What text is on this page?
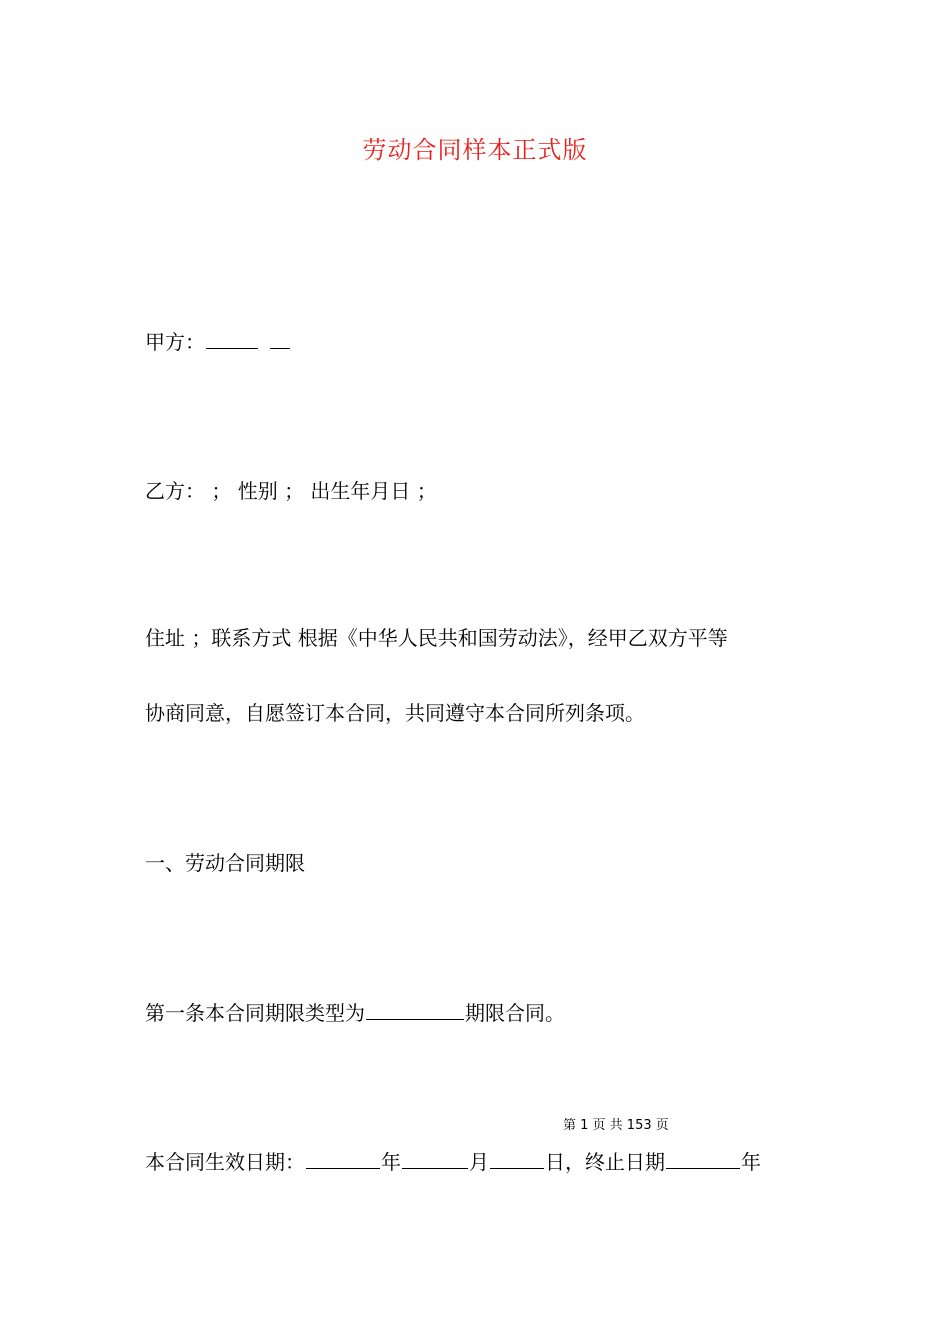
劳动合同样本正式版
甲方：
乙方： ； 性别 ； 出生年月日 ；
住址 ；联系方式 根据《中华人民共和国劳动法》，经甲乙双方平等
协商同意，自愿签订本合同，共同遵守本合同所列条项。
一、劳动合同期限
第一条本合同期限类型为	期限合同。
第 1 页 共 153 页
本合同生效日期：	年	月	日，终止日期	年
